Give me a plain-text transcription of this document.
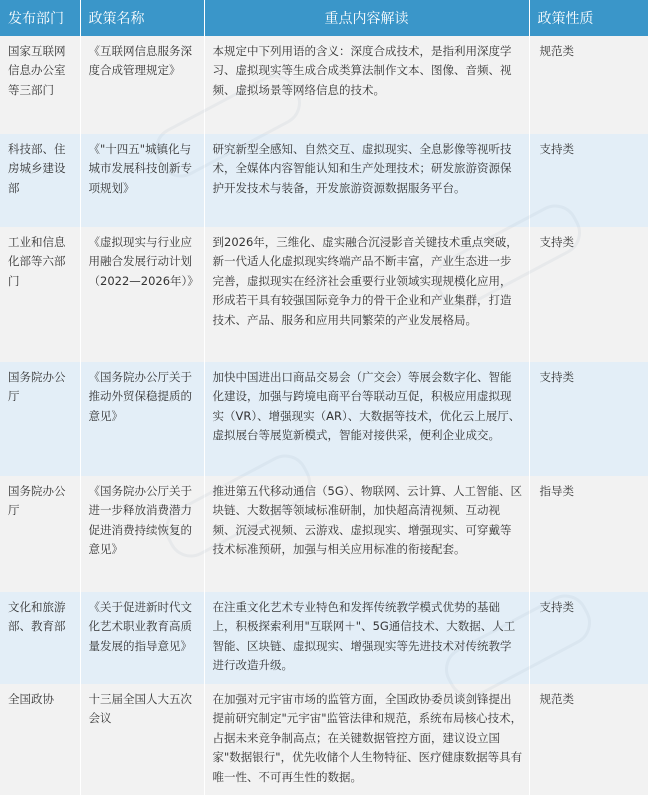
发布部门	政策名称	重点内容解读	政策性质
国家互联网信息办公室等三部门	《互联网信息服务深度合成管理规定》	本规定中下列用语的含义：深度合成技术，是指利用深度学习、虚拟现实等生成合成类算法制作文本、图像、音频、视频、虚拟场景等网络信息的技术。	规范类
科技部、住房城乡建设部	《"十四五"城镇化与城市发展科技创新专项规划》	研究新型全感知、自然交互、虚拟现实、全息影像等视听技术，全媒体内容智能认知和生产处理技术；研发旅游资源保护开发技术与装备，开发旅游资源数据服务平台。	支持类
工业和信息化部等六部门	《虚拟现实与行业应用融合发展行动计划（2022—2026年）》	到2026年，三维化、虚实融合沉浸影音关键技术重点突破，新一代适人化虚拟现实终端产品不断丰富，产业生态进一步完善，虚拟现实在经济社会重要行业领域实现规模化应用，形成若干具有较强国际竞争力的骨干企业和产业集群，打造技术、产品、服务和应用共同繁荣的产业发展格局。	支持类
国务院办公厅	《国务院办公厅关于推动外贸保稳提质的意见》	加快中国进出口商品交易会（广交会）等展会数字化、智能化建设，加强与跨境电商平台等联动互促，积极应用虚拟现实（VR）、增强现实（AR）、大数据等技术，优化云上展厅、虚拟展台等展览新模式，智能对接供采，便利企业成交。	支持类
国务院办公厅	《国务院办公厅关于进一步释放消费潜力促进消费持续恢复的意见》	推进第五代移动通信（5G）、物联网、云计算、人工智能、区块链、大数据等领域标准研制，加快超高清视频、互动视频、沉浸式视频、云游戏、虚拟现实、增强现实、可穿戴等技术标准预研，加强与相关应用标准的衔接配套。	指导类
文化和旅游部、教育部	《关于促进新时代文化艺术职业教育高质量发展的指导意见》	在注重文化艺术专业特色和发挥传统教学模式优势的基础上，积极探索利用"互联网＋"、5G通信技术、大数据、人工智能、区块链、虚拟现实、增强现实等先进技术对传统教学进行改造升级。	支持类
全国政协	十三届全国人大五次会议	在加强对元宇宙市场的监管方面，全国政协委员谈剑锋提出提前研究制定"元宇宙"监管法律和规范，系统布局核心技术，占据未来竞争制高点；在关键数据管控方面，建议设立国家"数据银行"，优先收储个人生物特征、医疗健康数据等具有唯一性、不可再生性的数据。	规范类
